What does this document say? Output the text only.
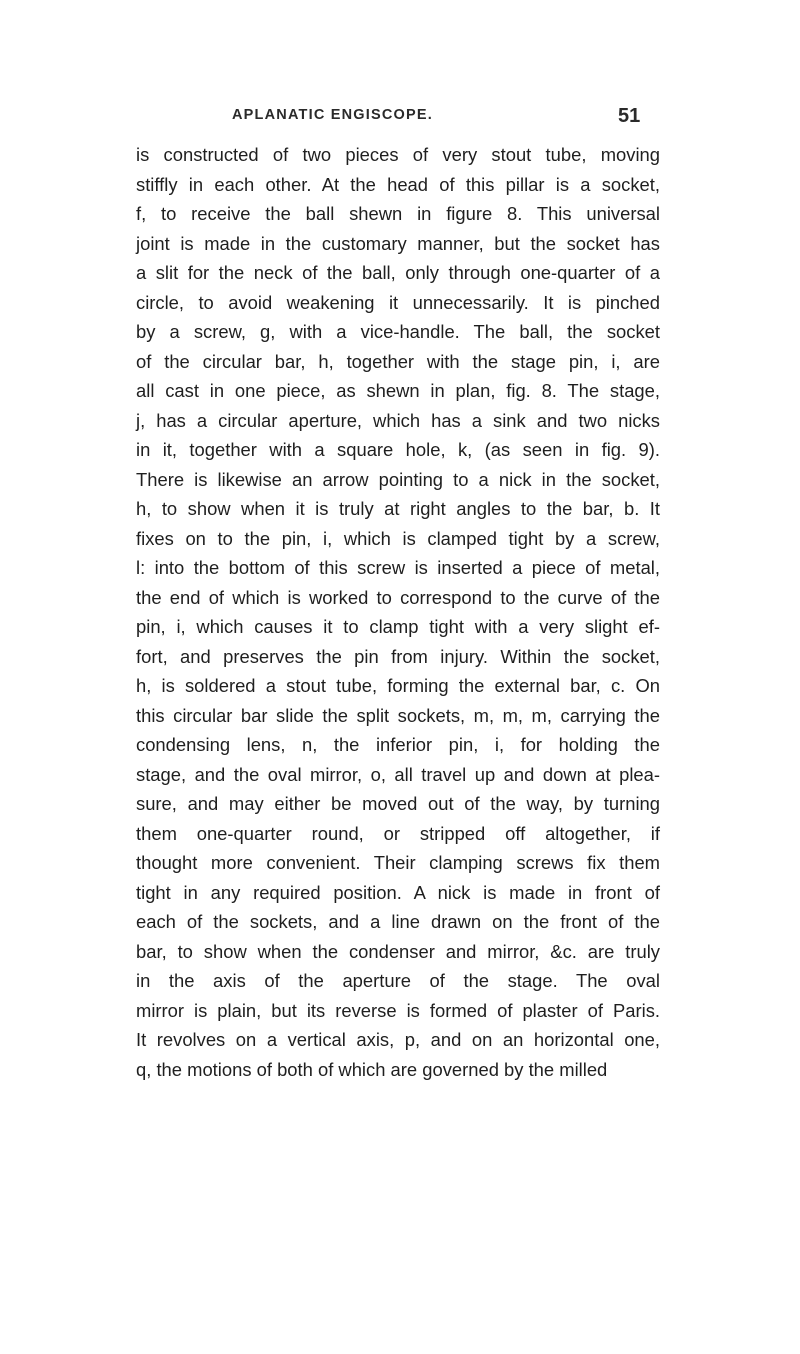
APLANATIC ENGISCOPE.	51
is constructed of two pieces of very stout tube, moving
stiffly in each other. At the head of this pillar is a socket,
f, to receive the ball shewn in figure 8. This universal
joint is made in the customary manner, but the socket has
a slit for the neck of the ball, only through one-quarter of a
circle, to avoid weakening it unnecessarily. It is pinched
by a screw, g, with a vice-handle. The ball, the socket
of the circular bar, h, together with the stage pin, i, are
all cast in one piece, as shewn in plan, fig. 8. The stage,
j, has a circular aperture, which has a sink and two nicks
in it, together with a square hole, k, (as seen in fig. 9).
There is likewise an arrow pointing to a nick in the socket,
h, to show when it is truly at right angles to the bar, b. It
fixes on to the pin, i, which is clamped tight by a screw,
l: into the bottom of this screw is inserted a piece of metal,
the end of which is worked to correspond to the curve of the
pin, i, which causes it to clamp tight with a very slight ef-
fort, and preserves the pin from injury. Within the socket,
h, is soldered a stout tube, forming the external bar, c. On
this circular bar slide the split sockets, m, m, m, carrying the
condensing lens, n, the inferior pin, i, for holding the
stage, and the oval mirror, o, all travel up and down at plea-
sure, and may either be moved out of the way, by turning
them one-quarter round, or stripped off altogether, if
thought more convenient. Their clamping screws fix them
tight in any required position. A nick is made in front of
each of the sockets, and a line drawn on the front of the
bar, to show when the condenser and mirror, &c. are truly
in the axis of the aperture of the stage. The oval
mirror is plain, but its reverse is formed of plaster of Paris.
It revolves on a vertical axis, p, and on an horizontal one,
q, the motions of both of which are governed by the milled
